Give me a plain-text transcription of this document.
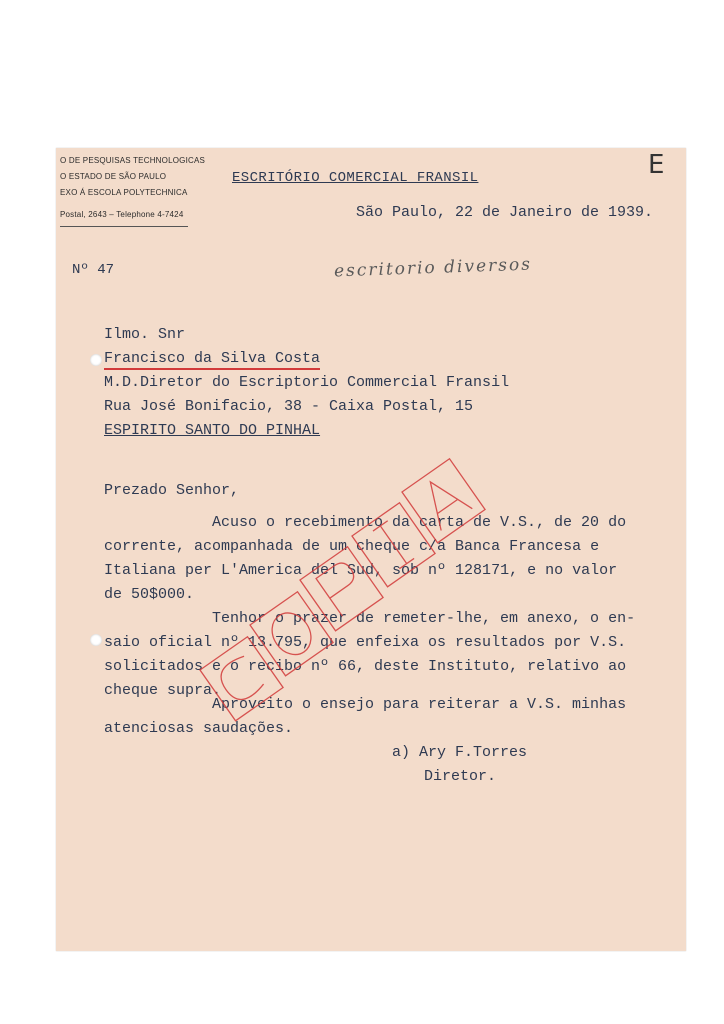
O DE PESQUISAS TECHNOLOGICAS
O ESTADO DE SÃO PAULO
EXO Á ESCOLA POLYTECHNICA
Postal, 2643 – Telephone 4-7424
ESCRITÓRIO COMERCIAL FRANSIL	E
São Paulo, 22 de Janeiro de 1939.
Nº 47	escritorio diversos
Ilmo. Snr
Francisco da Silva Costa
M.D.Diretor do Escriptorio Commercial Fransil
Rua José Bonifacio, 38 - Caixa Postal, 15
ESPIRITO SANTO DO PINHAL
Prezado Senhor,
Acuso o recebimento da carta de V.S., de 20 do
corrente, acompanhada de um cheque c/a Banca Francesa e
Italiana per L'America del Sud, sob nº 128171, e no valor
de 50$000.
Tenhor o prazer de remeter-lhe, em anexo, o en-
saio oficial nº 13.795, que enfeixa os resultados por V.S.
solicitados e o recibo nº 66, deste Instituto, relativo ao
cheque supra.
Aproveito o ensejo para reiterar a V.S. minhas
atenciosas saudações.
a) Ary F.Torres
Diretor.
